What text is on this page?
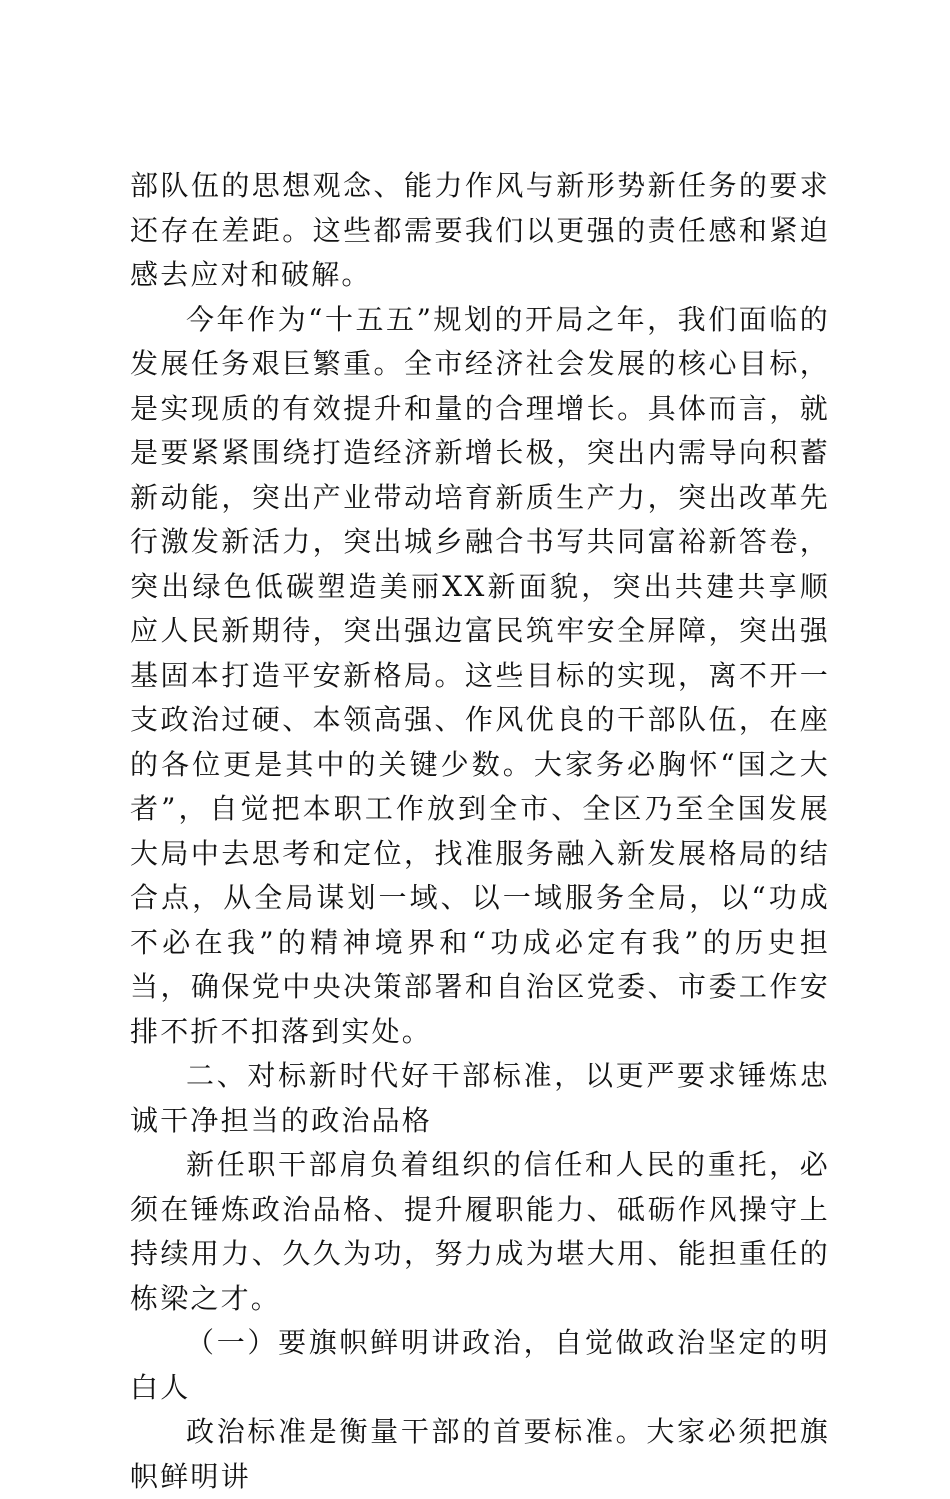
部队伍的思想观念、能力作风与新形势新任务的要求还存在差距。这些都需要我们以更强的责任感和紧迫感去应对和破解。

今年作为“十五五”规划的开局之年，我们面临的发展任务艰巨繁重。全市经济社会发展的核心目标，是实现质的有效提升和量的合理增长。具体而言，就是要紧紧围绕打造经济新增长极，突出内需导向积蓄新动能，突出产业带动培育新质生产力，突出改革先行激发新活力，突出城乡融合书写共同富裕新答卷，突出绿色低碳塑造美丽XX新面貌，突出共建共享顺应人民新期待，突出强边富民筑牢安全屏障，突出强基固本打造平安新格局。这些目标的实现，离不开一支政治过硬、本领高强、作风优良的干部队伍，在座的各位更是其中的关键少数。大家务必胸怀“国之大者”，自觉把本职工作放到全市、全区乃至全国发展大局中去思考和定位，找准服务融入新发展格局的结合点，从全局谋划一域、以一域服务全局，以“功成不必在我”的精神境界和“功成必定有我”的历史担当，确保党中央决策部署和自治区党委、市委工作安排不折不扣落到实处。

二、对标新时代好干部标准，以更严要求锤炼忠诚干净担当的政治品格

新任职干部肩负着组织的信任和人民的重托，必须在锤炼政治品格、提升履职能力、砥砺作风操守上持续用力、久久为功，努力成为堪大用、能担重任的栋梁之才。

（一）要旗帜鲜明讲政治，自觉做政治坚定的明白人

政治标准是衡量干部的首要标准。大家必须把旗帜鲜明讲
